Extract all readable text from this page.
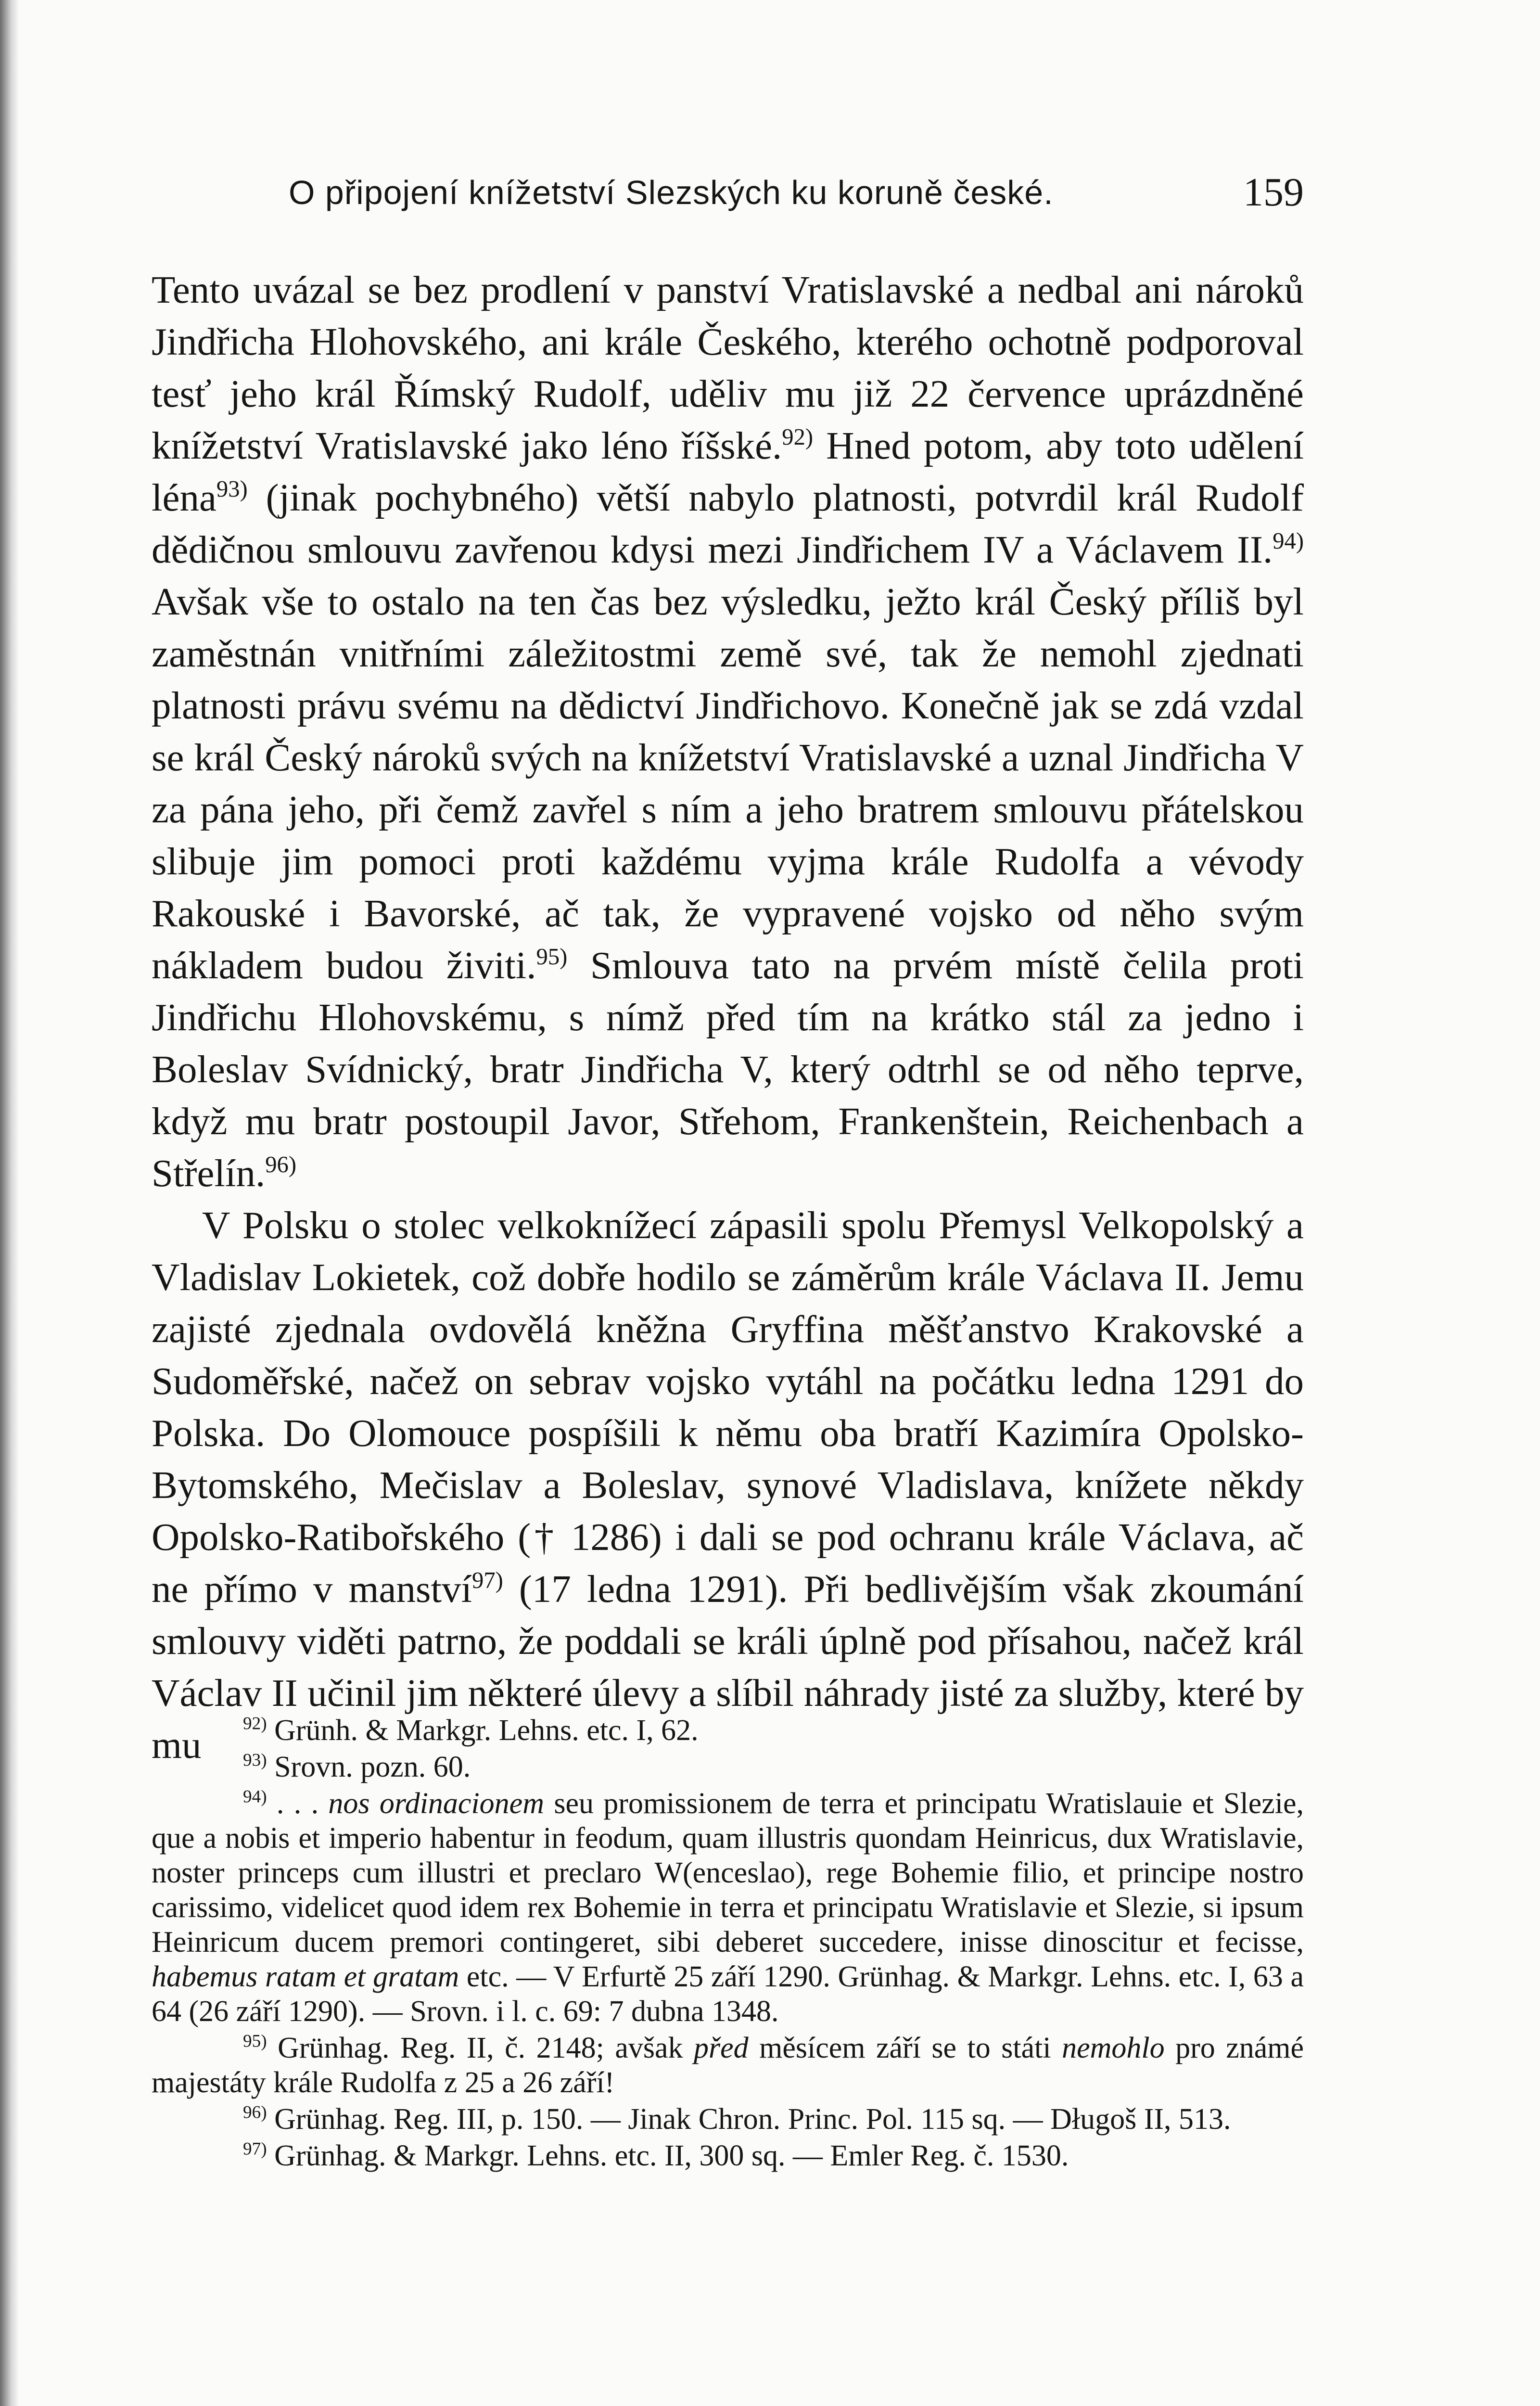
O připojení knížetství Slezských ku koruně české.	159

Tento uvázal se bez prodlení v panství Vratislavské a nedbal ani nároků Jindřicha Hlohovského, ani krále Českého, kterého ochotně podporoval tesť jeho král Římský Rudolf, uděliv mu již 22 července uprázdněné knížetství Vratislavské jako léno říšské.$^{92)}$ Hned potom, aby toto udělení léna$^{93)}$ (jinak pochybného) větší nabylo platnosti, potvrdil král Rudolf dědičnou smlouvu zavřenou kdysi mezi Jindřichem IV a Václavem II.$^{94)}$ Avšak vše to ostalo na ten čas bez výsledku, ježto král Český příliš byl zaměstnán vnitřními záležitostmi země své, tak že nemohl zjednati platnosti právu svému na dědictví Jindřichovo. Konečně jak se zdá vzdal se král Český nároků svých na knížetství Vratislavské a uznal Jindřicha V za pána jeho, při čemž zavřel s ním a jeho bratrem smlouvu přátelskou slibuje jim pomoci proti každému vyjma krále Rudolfa a vévody Rakouské i Bavorské, ač tak, že vypravené vojsko od něho svým nákladem budou živiti.$^{95)}$ Smlouva tato na prvém místě čelila proti Jindřichu Hlohovskému, s nímž před tím na krátko stál za jedno i Boleslav Svídnický, bratr Jindřicha V, který odtrhl se od něho teprve, když mu bratr postoupil Javor, Střehom, Frankenštein, Reichenbach a Střelín.$^{96)}$

V Polsku o stolec velkoknížecí zápasili spolu Přemysl Velkopolský a Vladislav Lokietek, což dobře hodilo se záměrům krále Václava II. Jemu zajisté zjednala ovdovělá kněžna Gryffina měšťanstvo Krakovské a Sudoměřské, načež on sebrav vojsko vytáhl na počátku ledna 1291 do Polska. Do Olomouce pospíšili k němu oba bratří Kazimíra Opolsko-Bytomského, Mečislav a Boleslav, synové Vladislava, knížete někdy Opolsko-Ratibořského († 1286) i dali se pod ochranu krále Václava, ač ne přímo v manství$^{97)}$ (17 ledna 1291). Při bedlivějším však zkoumání smlouvy viděti patrno, že poddali se králi úplně pod přísahou, načež král Václav II učinil jim některé úlevy a slíbil náhrady jisté za služby, které by mu	$^{92)}$ Grünh. & Markgr. Lehns. etc. I, 62.

$^{93)}$ Srovn. pozn. 60.

$^{94)}$ . . . nos ordinacionem seu promissionem de terra et principatu Wratislauie et Slezie, que a nobis et imperio habentur in feodum, quam illustris quondam Heinricus, dux Wratislavie, noster princeps cum illustri et preclaro W(enceslao), rege Bohemie filio, et principe nostro carissimo, videlicet quod idem rex Bohemie in terra et principatu Wratislavie et Slezie, si ipsum Heinricum ducem premori contingeret, sibi deberet succedere, inisse dinoscitur et fecisse, habemus ratam et gratam etc. — V Erfurtě 25 září 1290. Grünhag. & Markgr. Lehns. etc. I, 63 a 64 (26 září 1290). — Srovn. i l. c. 69: 7 dubna 1348.

$^{95)}$ Grünhag. Reg. II, č. 2148; avšak před měsícem září se to státi nemohlo pro známé majestáty krále Rudolfa z 25 a 26 září!

$^{96)}$ Grünhag. Reg. III, p. 150. — Jinak Chron. Princ. Pol. 115 sq. — Długoš II, 513.

$^{97)}$ Grünhag. & Markgr. Lehns. etc. II, 300 sq. — Emler Reg. č. 1530.
